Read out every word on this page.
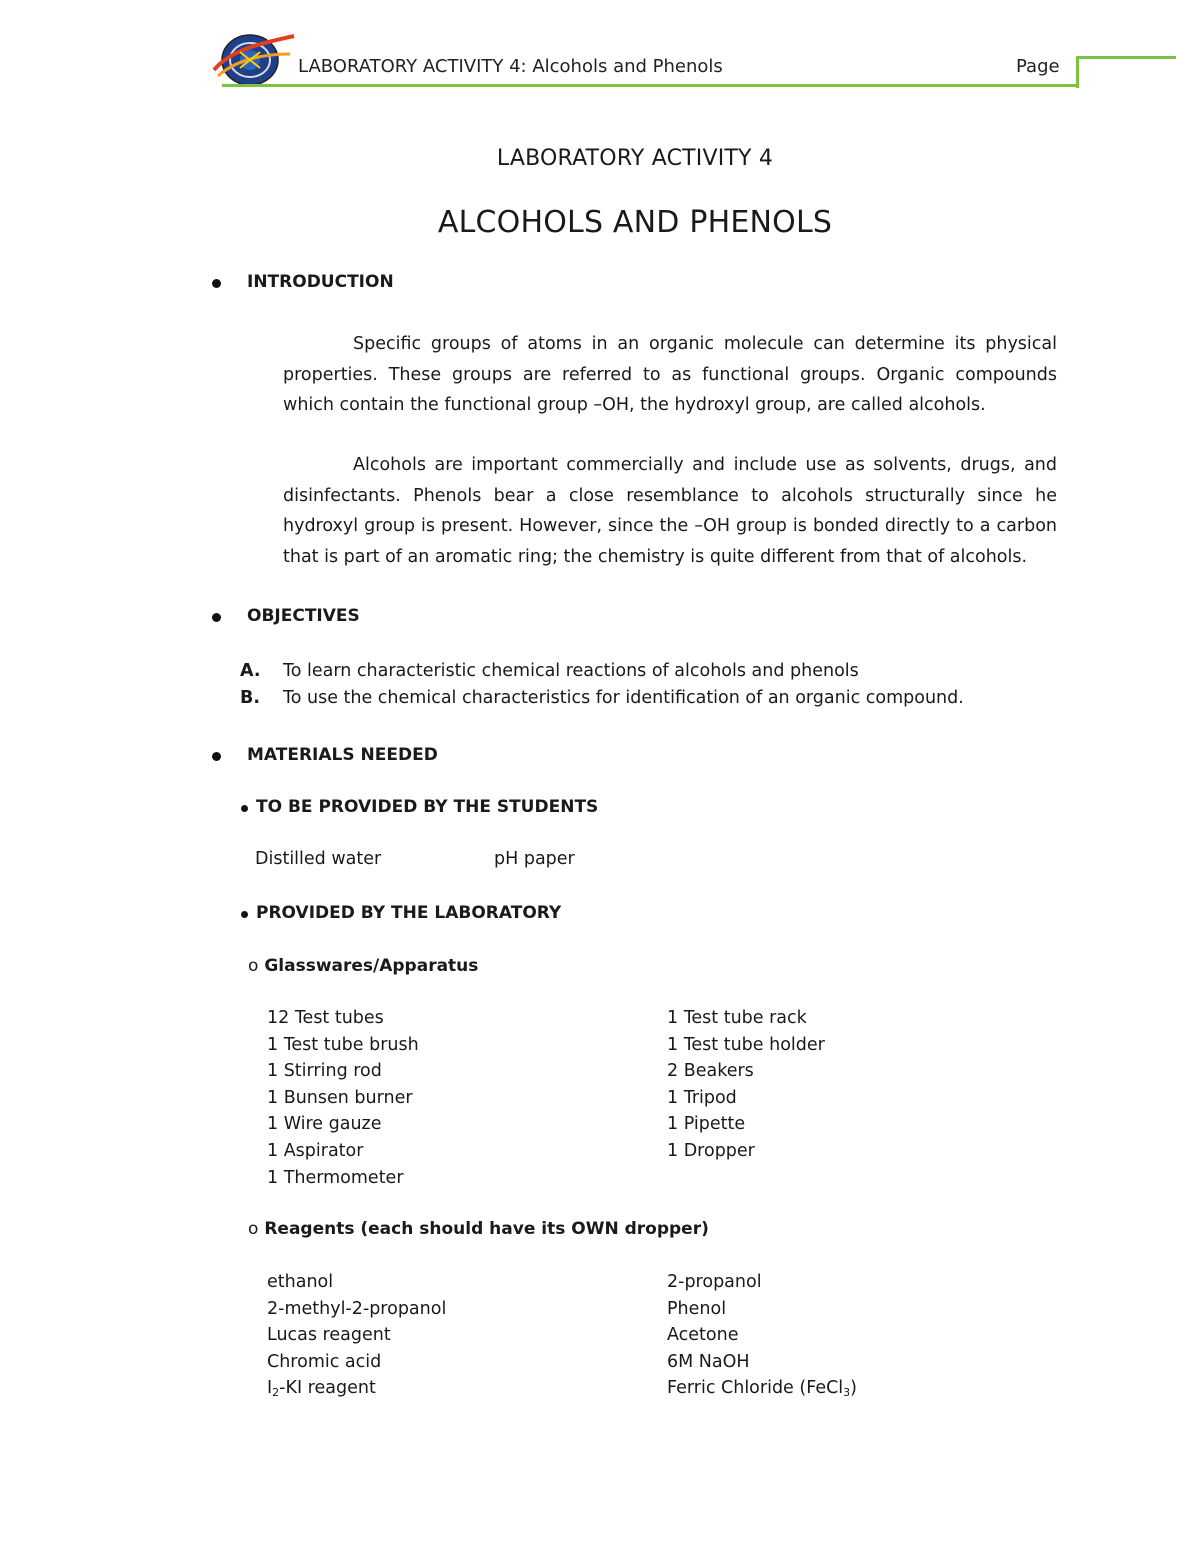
LABORATORY ACTIVITY 4: Alcohols and Phenols	Page
LABORATORY ACTIVITY 4
ALCOHOLS AND PHENOLS
INTRODUCTION
Specific groups of atoms in an organic molecule can determine its physical properties. These groups are referred to as functional groups. Organic compounds which contain the functional group –OH, the hydroxyl group, are called alcohols.
Alcohols are important commercially and include use as solvents, drugs, and disinfectants. Phenols bear a close resemblance to alcohols structurally since he hydroxyl group is present. However, since the –OH group is bonded directly to a carbon that is part of an aromatic ring; the chemistry is quite different from that of alcohols.
OBJECTIVES
A. To learn characteristic chemical reactions of alcohols and phenols
B. To use the chemical characteristics for identification of an organic compound.
MATERIALS NEEDED
TO BE PROVIDED BY THE STUDENTS
Distilled water	pH paper
PROVIDED BY THE LABORATORY
o Glasswares/Apparatus
12 Test tubes
1 Test tube brush
1 Stirring rod
1 Bunsen burner
1 Wire gauze
1 Aspirator
1 Thermometer
1 Test tube rack
1 Test tube holder
2 Beakers
1 Tripod
1 Pipette
1 Dropper
o Reagents (each should have its OWN dropper)
ethanol
2-methyl-2-propanol
Lucas reagent
Chromic acid
$I_2-KI$ reagent
2-propanol
Phenol
Acetone
6M NaOH
Ferric Chloride (FeCl$_3$)
